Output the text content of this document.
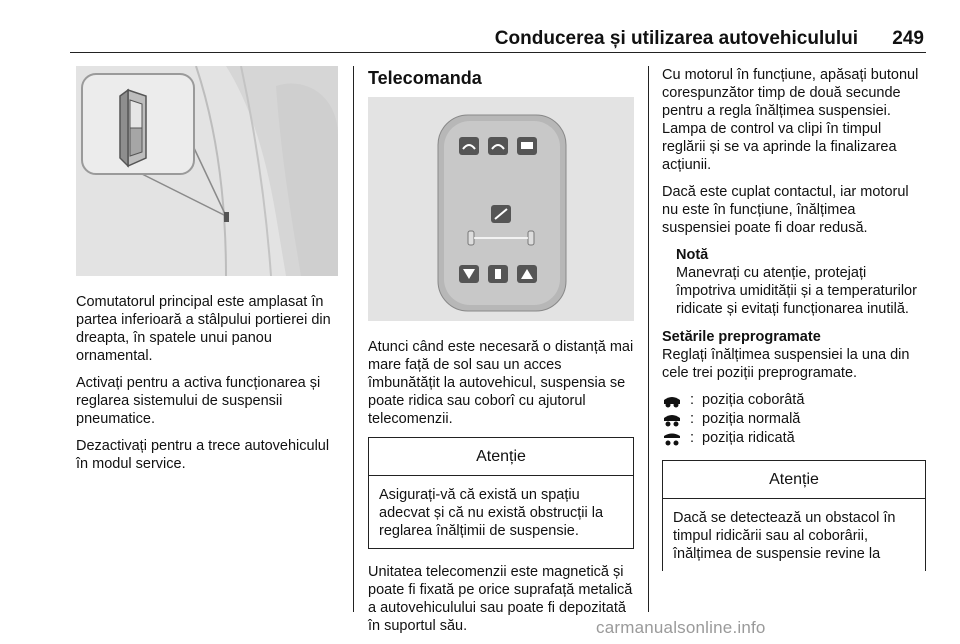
Conducerea și utilizarea autovehiculului 249

Comutatorul principal este amplasat în partea inferioară a stâlpului portierei din dreapta, în spatele unui panou ornamental.

Activați pentru a activa funcționarea și reglarea sistemului de suspensii pneumatice.

Dezactivați pentru a trece autovehiculul în modul service.

Telecomanda

Atunci când este necesară o distanță mai mare față de sol sau un acces îmbunătățit la autovehicul, suspensia se poate ridica sau coborî cu ajutorul telecomenzii.

Atenție
Asigurați-vă că există un spațiu adecvat și că nu există obstrucții la reglarea înălțimii de suspensie.

Unitatea telecomenzii este magnetică și poate fi fixată pe orice suprafață metalică a autovehiculului sau poate fi depozitată în suportul său.

Cu motorul în funcțiune, apăsați butonul corespunzător timp de două secunde pentru a regla înălțimea suspensiei. Lampa de control va clipi în timpul reglării și se va aprinde la finalizarea acțiunii.

Dacă este cuplat contactul, iar motorul nu este în funcțiune, înălțimea suspensiei poate fi doar redusă.

Notă
Manevrați cu atenție, protejați împotriva umidității și a temperaturilor ridicate și evitați funcționarea inutilă.
Setările preprogramate

Reglați înălțimea suspensiei la una din cele trei poziții preprogramate.

: poziția coborâtă
: poziția normală
: poziția ridicată
Atenție
Dacă se detectează un obstacol în timpul ridicării sau al coborârii, înălțimea de suspensie revine la
carmanualsonline.info
